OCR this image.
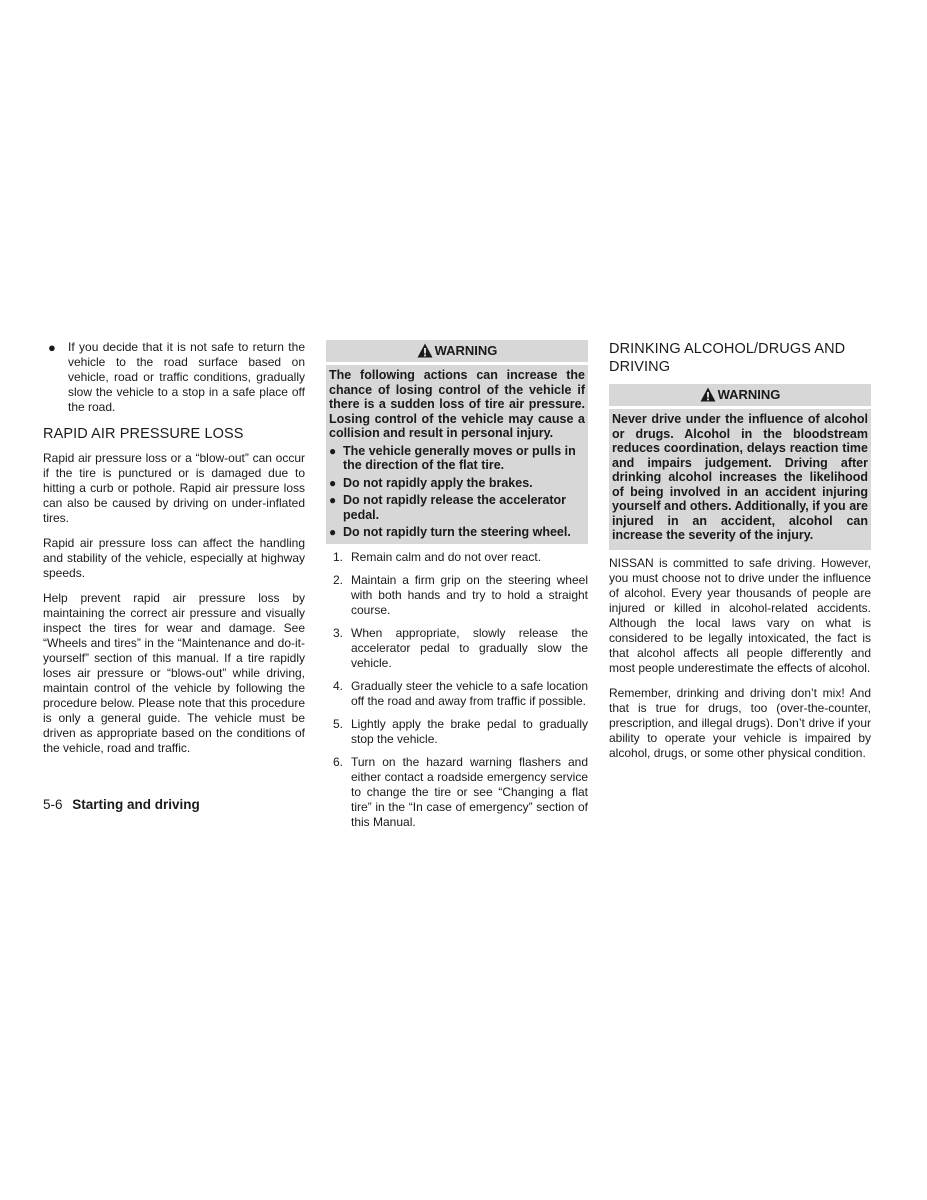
●	If you decide that it is not safe to return the vehicle to the road surface based on vehicle, road or traffic conditions, gradually slow the vehicle to a stop in a safe place off the road.
RAPID AIR PRESSURE LOSS

Rapid air pressure loss or a “blow-out” can occur if the tire is punctured or is damaged due to hitting a curb or pothole. Rapid air pressure loss can also be caused by driving on under-inflated tires.

Rapid air pressure loss can affect the handling and stability of the vehicle, especially at highway speeds.

Help prevent rapid air pressure loss by maintaining the correct air pressure and visually inspect the tires for wear and damage. See “Wheels and tires” in the “Maintenance and do-it-yourself” section of this manual. If a tire rapidly loses air pressure or “blows-out” while driving, maintain control of the vehicle by following the procedure below. Please note that this procedure is only a general guide. The vehicle must be driven as appropriate based on the conditions of the vehicle, road and traffic.

WARNING
The following actions can increase the chance of losing control of the vehicle if there is a sudden loss of tire air pressure. Losing control of the vehicle may cause a collision and result in personal injury.
● The vehicle generally moves or pulls in the direction of the flat tire.
● Do not rapidly apply the brakes.
● Do not rapidly release the accelerator pedal.
● Do not rapidly turn the steering wheel.
1. Remain calm and do not over react.
2. Maintain a firm grip on the steering wheel with both hands and try to hold a straight course.
3. When appropriate, slowly release the accelerator pedal to gradually slow the vehicle.
4. Gradually steer the vehicle to a safe location off the road and away from traffic if possible.
5. Lightly apply the brake pedal to gradually stop the vehicle.
6. Turn on the hazard warning flashers and either contact a roadside emergency service to change the tire or see “Changing a flat tire” in the “In case of emergency” section of this Manual.
DRINKING ALCOHOL/DRUGS AND DRIVING
WARNING
Never drive under the influence of alcohol or drugs. Alcohol in the bloodstream reduces coordination, delays reaction time and impairs judgement. Driving after drinking alcohol increases the likelihood of being involved in an accident injuring yourself and others. Additionally, if you are injured in an accident, alcohol can increase the severity of the injury.

NISSAN is committed to safe driving. However, you must choose not to drive under the influence of alcohol. Every year thousands of people are injured or killed in alcohol-related accidents. Although the local laws vary on what is considered to be legally intoxicated, the fact is that alcohol affects all people differently and most people underestimate the effects of alcohol.

Remember, drinking and driving don’t mix! And that is true for drugs, too (over-the-counter, prescription, and illegal drugs). Don’t drive if your ability to operate your vehicle is impaired by alcohol, drugs, or some other physical condition.

5-6 Starting and driving
